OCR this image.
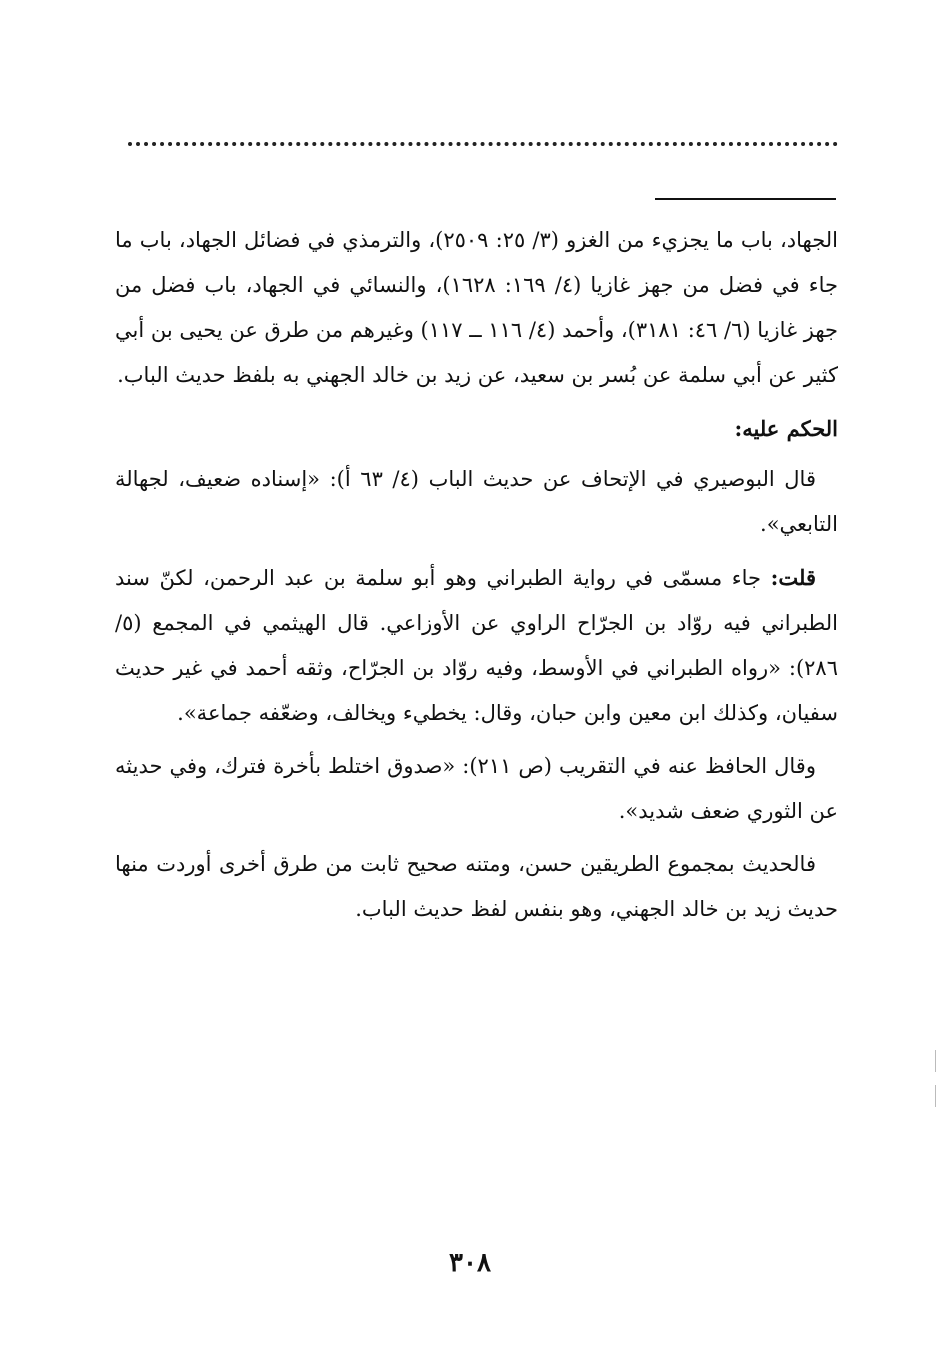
الجهاد، باب ما يجزيء من الغزو (٣/ ٢٥: ٢٥٠٩)، والترمذي في فضائل الجهاد، باب ما جاء في فضل من جهز غازيا (٤/ ١٦٩: ١٦٢٨)، والنسائي في الجهاد، باب فضل من جهز غازيا (٦/ ٤٦: ٣١٨١)، وأحمد (٤/ ١١٦ ــ ١١٧) وغيرهم من طرق عن يحيى بن أبي كثير عن أبي سلمة عن بُسر بن سعيد، عن زيد بن خالد الجهني به بلفظ حديث الباب.

الحكم عليه:

قال البوصيري في الإتحاف عن حديث الباب (٤/ ٦٣ أ): «إسناده ضعيف، لجهالة التابعي».

قلت: جاء مسمّى في رواية الطبراني وهو أبو سلمة بن عبد الرحمن، لكنّ سند الطبراني فيه روّاد بن الجرّاح الراوي عن الأوزاعي. قال الهيثمي في المجمع (٥/ ٢٨٦): «رواه الطبراني في الأوسط، وفيه روّاد بن الجرّاح، وثقه أحمد في غير حديث سفيان، وكذلك ابن معين وابن حبان، وقال: يخطيء ويخالف، وضعّفه جماعة».

وقال الحافظ عنه في التقريب (ص ٢١١): «صدوق اختلط بأخرة فترك، وفي حديثه عن الثوري ضعف شديد».

فالحديث بمجموع الطريقين حسن، ومتنه صحيح ثابت من طرق أخرى أوردت منها حديث زيد بن خالد الجهني، وهو بنفس لفظ حديث الباب.

٣٠٨
